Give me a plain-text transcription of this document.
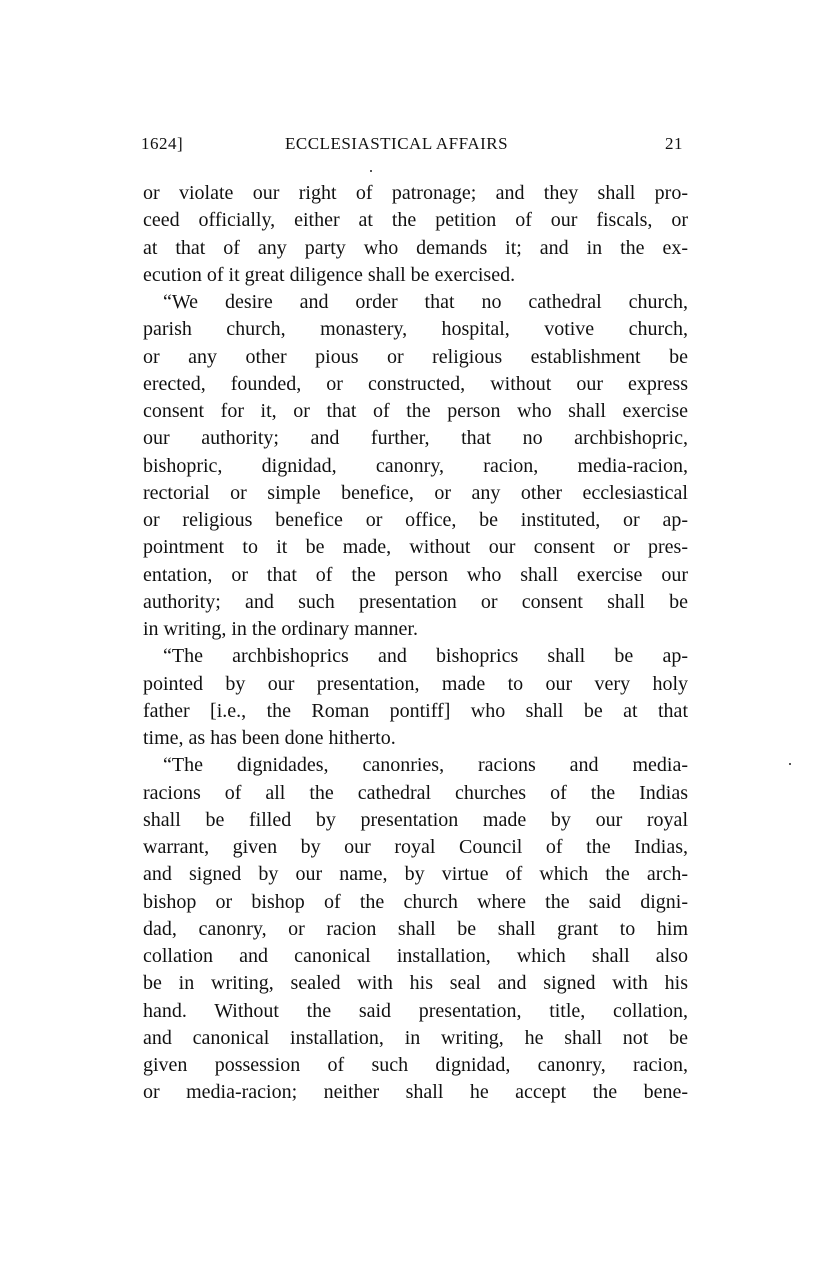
1624]	ECCLESIASTICAL AFFAIRS	21
or violate our right of patronage; and they shall pro-
ceed officially, either at the petition of our fiscals, or
at that of any party who demands it; and in the ex-
ecution of it great diligence shall be exercised.
“We desire and order that no cathedral church,
parish church, monastery, hospital, votive church,
or any other pious or religious establishment be
erected, founded, or constructed, without our express
consent for it, or that of the person who shall exercise
our authority; and further, that no archbishopric,
bishopric, dignidad, canonry, racion, media-racion,
rectorial or simple benefice, or any other ecclesiastical
or religious benefice or office, be instituted, or ap-
pointment to it be made, without our consent or pres-
entation, or that of the person who shall exercise our
authority; and such presentation or consent shall be
in writing, in the ordinary manner.
“The archbishoprics and bishoprics shall be ap-
pointed by our presentation, made to our very holy
father [i.e., the Roman pontiff] who shall be at that
time, as has been done hitherto.
“The dignidades, canonries, racions and media-
racions of all the cathedral churches of the Indias
shall be filled by presentation made by our royal
warrant, given by our royal Council of the Indias,
and signed by our name, by virtue of which the arch-
bishop or bishop of the church where the said digni-
dad, canonry, or racion shall be shall grant to him
collation and canonical installation, which shall also
be in writing, sealed with his seal and signed with his
hand. Without the said presentation, title, collation,
and canonical installation, in writing, he shall not be
given possession of such dignidad, canonry, racion,
or media-racion; neither shall he accept the bene-
